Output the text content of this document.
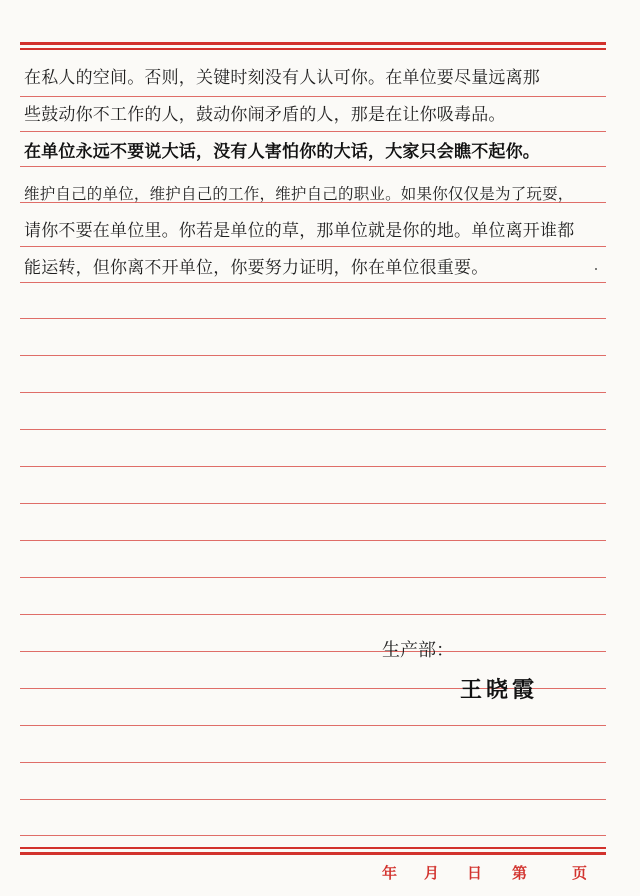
在私人的空间。否则，关键时刻没有人认可你。在单位要尽量远离那
些鼓动你不工作的人，鼓动你闹矛盾的人，那是在让你吸毒品。
在单位永远不要说大话，没有人害怕你的大话，大家只会瞧不起你。
维护自己的单位，维护自己的工作，维护自己的职业。如果你仅仅是为了玩耍，
请你不要在单位里。你若是单位的草，那单位就是你的地。单位离开谁都
能运转，但你离不开单位，你要努力证明，你在单位很重要。
生产部：
王晓霞
年 月 日 第	页
